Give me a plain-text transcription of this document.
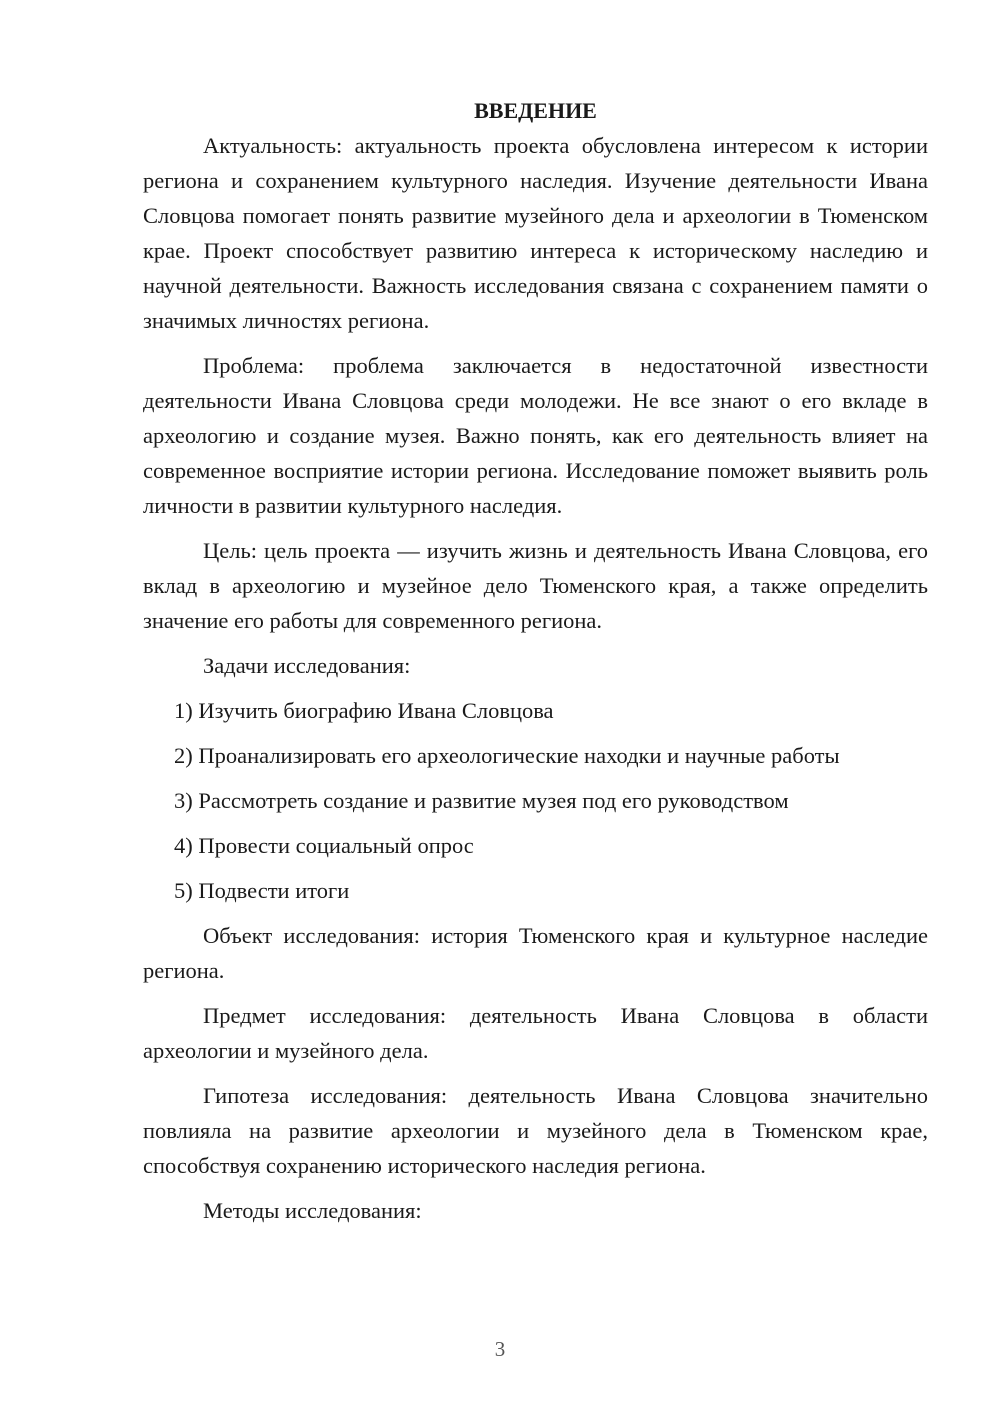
ВВЕДЕНИЕ

Актуальность: актуальность проекта обусловлена интересом к истории региона и сохранением культурного наследия. Изучение деятельности Ивана Словцова помогает понять развитие музейного дела и археологии в Тюменском крае. Проект способствует развитию интереса к историческому наследию и научной деятельности. Важность исследования связана с сохранением памяти о значимых личностях региона.

Проблема: проблема заключается в недостаточной известности деятельности Ивана Словцова среди молодежи. Не все знают о его вкладе в археологию и создание музея. Важно понять, как его деятельность влияет на современное восприятие истории региона. Исследование поможет выявить роль личности в развитии культурного наследия.

Цель: цель проекта — изучить жизнь и деятельность Ивана Словцова, его вклад в археологию и музейное дело Тюменского края, а также определить значение его работы для современного региона.

Задачи исследования:

1) Изучить биографию Ивана Словцова

2) Проанализировать его археологические находки и научные работы

3) Рассмотреть создание и развитие музея под его руководством

4) Провести социальный опрос

5) Подвести итоги

Объект исследования: история Тюменского края и культурное наследие региона.

Предмет исследования: деятельность Ивана Словцова в области археологии и музейного дела.

Гипотеза исследования: деятельность Ивана Словцова значительно повлияла на развитие археологии и музейного дела в Тюменском крае, способствуя сохранению исторического наследия региона.

Методы исследования:

3
